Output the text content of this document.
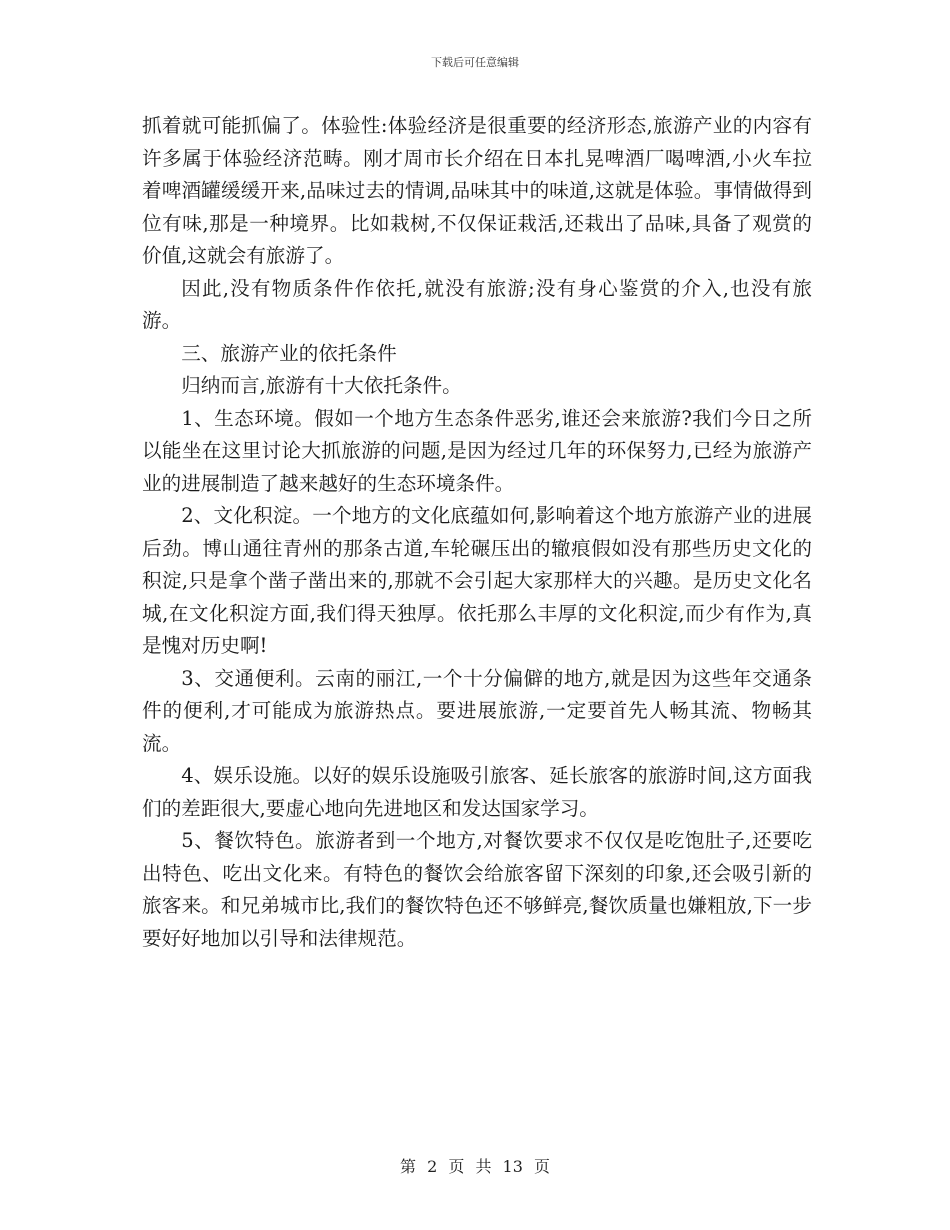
下载后可任意编辑

抓着就可能抓偏了。体验性:体验经济是很重要的经济形态,旅游产业的内容有许多属于体验经济范畴。刚才周市长介绍在日本扎晃啤酒厂喝啤酒,小火车拉着啤酒罐缓缓开来,品味过去的情调,品味其中的味道,这就是体验。事情做得到位有味,那是一种境界。比如栽树,不仅保证栽活,还栽出了品味,具备了观赏的价值,这就会有旅游了。

因此,没有物质条件作依托,就没有旅游;没有身心鉴赏的介入,也没有旅游。

三、旅游产业的依托条件

归纳而言,旅游有十大依托条件。

1、生态环境。假如一个地方生态条件恶劣,谁还会来旅游?我们今日之所以能坐在这里讨论大抓旅游的问题,是因为经过几年的环保努力,已经为旅游产业的进展制造了越来越好的生态环境条件。

2、文化积淀。一个地方的文化底蕴如何,影响着这个地方旅游产业的进展后劲。博山通往青州的那条古道,车轮碾压出的辙痕假如没有那些历史文化的积淀,只是拿个凿子凿出来的,那就不会引起大家那样大的兴趣。是历史文化名城,在文化积淀方面,我们得天独厚。依托那么丰厚的文化积淀,而少有作为,真是愧对历史啊!

3、交通便利。云南的丽江,一个十分偏僻的地方,就是因为这些年交通条件的便利,才可能成为旅游热点。要进展旅游,一定要首先人畅其流、物畅其流。

4、娱乐设施。以好的娱乐设施吸引旅客、延长旅客的旅游时间,这方面我们的差距很大,要虚心地向先进地区和发达国家学习。

5、餐饮特色。旅游者到一个地方,对餐饮要求不仅仅是吃饱肚子,还要吃出特色、吃出文化来。有特色的餐饮会给旅客留下深刻的印象,还会吸引新的旅客来。和兄弟城市比,我们的餐饮特色还不够鲜亮,餐饮质量也嫌粗放,下一步要好好地加以引导和法律规范。

第 2 页 共 13 页
